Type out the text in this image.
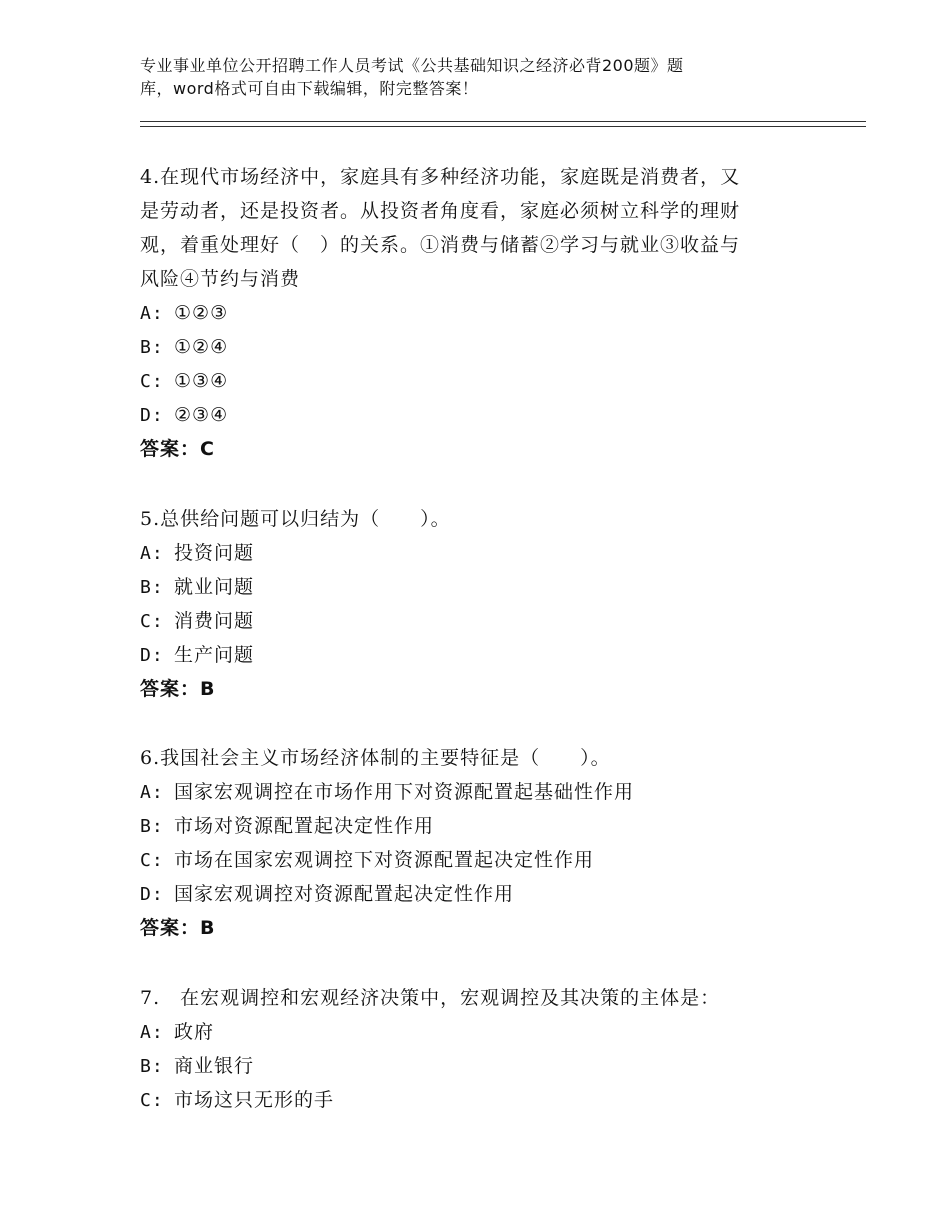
专业事业单位公开招聘工作人员考试《公共基础知识之经济必背200题》题
库，word格式可自由下载编辑，附完整答案！
4.在现代市场经济中，家庭具有多种经济功能，家庭既是消费者，又
是劳动者，还是投资者。从投资者角度看，家庭必须树立科学的理财
观，着重处理好（　）的关系。①消费与储蓄②学习与就业③收益与
风险④节约与消费
A: ①②③
B: ①②④
C: ①③④
D: ②③④
答案：C
5.总供给问题可以归结为（　　）。
A: 投资问题
B: 就业问题
C: 消费问题
D: 生产问题
答案：B
6.我国社会主义市场经济体制的主要特征是（　　）。
A: 国家宏观调控在市场作用下对资源配置起基础性作用
B: 市场对资源配置起决定性作用
C: 市场在国家宏观调控下对资源配置起决定性作用
D: 国家宏观调控对资源配置起决定性作用
答案：B
7.　在宏观调控和宏观经济决策中，宏观调控及其决策的主体是：
A: 政府
B: 商业银行
C: 市场这只无形的手
